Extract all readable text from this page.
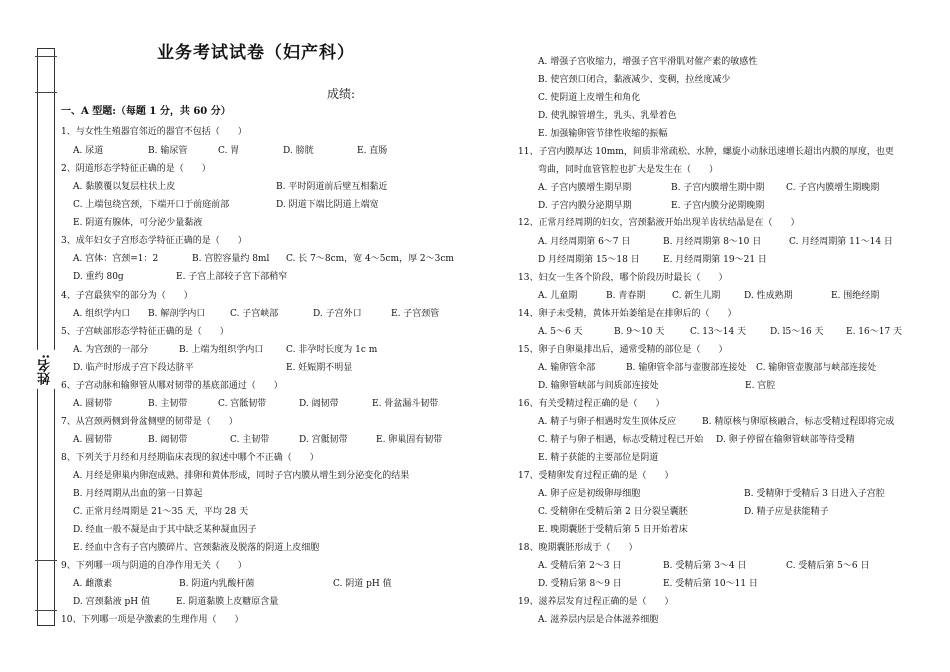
姓名:
业务考试试卷（妇产科）
成绩:
一、A 型题:（每题 1 分，共 60 分）
1、与女性生殖器官邻近的器官不包括（　　）
A. 尿道	B. 输尿管	C. 胃	D. 膀胱	E. 直肠
2、阴道形态学特征正确的是（　　）
A. 黏膜覆以复层柱状上皮	B. 平时阴道前后壁互相黏近
C. 上端包绕宫颈，下端开口于前庭前部	D. 阴道下端比阴道上端宽
E. 阴道有腺体，可分泌少量黏液
3、成年妇女子宫形态学特征正确的是（　　）
A. 宫体：宫颈=1：2	B. 宫腔容量约 8ml C. 长 7～8cm，宽 4～5cm，厚 2～3cm
D. 重约 80g	E. 子宫上部较子宫下部稍窄
4、子宫最狭窄的部分为（　　）
A. 组织学内口 B. 解剖学内口	C. 子宫峡部	D. 子宫外口	E. 子宫颈管
5、子宫峡部形态学特征正确的是（　　）
A. 为宫颈的一部分	B. 上端为组织学内口	C. 非孕时长度为 1c m
D. 临产时形成子宫下段达脐平	E. 妊娠期不明显
6、子宫动脉和输卵管从哪对韧带的基底部通过（　　）
A. 圆韧带	B. 主韧带	C. 宫骶韧带	D. 阔韧带	E. 骨盆漏斗韧带
7、从宫颈两侧到骨盆侧壁的韧带是（　　）
A. 圆韧带	B. 阔韧带	C. 主韧带	D. 宫骶韧带	E. 卵巢固有韧带
8、下列关于月经和月经期临床表现的叙述中哪个不正确（　　）
A. 月经是卵巢内卵泡成熟、排卵和黄体形成，同时子宫内膜从增生到分泌变化的结果
B. 月经周期从出血的第一日算起
C. 正常月经周期是 21～35 天，平均 28 天
D. 经血一般不凝是由于其中缺乏某种凝血因子
E. 经血中含有子宫内膜碎片、宫颈黏液及脱落的阴道上皮细胞
9、下列哪一项与阴道的自净作用无关（　　）
A. 雌激素	B. 阴道内乳酸杆菌	C. 阴道 pH 值
D. 宫颈黏液 pH 值	E. 阴道黏膜上皮糖原含量
10、下列哪一项是孕激素的生理作用（　　）
A. 增强子宫收缩力，增强子宫平滑肌对催产素的敏感性
B. 使宫颈口闭合，黏液减少、变稠，拉丝度减少
C. 使阴道上皮增生和角化
D. 使乳腺管增生，乳头、乳晕着色
E. 加强输卵管节律性收缩的振幅
11、子宫内膜厚达 10mm，间质非常疏松、水肿，螺旋小动脉迅速增长超出内膜的厚度，也更
弯曲，同时血管管腔也扩大是发生在（　　）
A. 子宫内膜增生期早期	B. 子宫内膜增生期中期 C. 子宫内膜增生期晚期
D. 子宫内膜分泌期早期	E. 子宫内膜分泌期晚期
12、正常月经周期的妇女，宫颈黏液开始出现羊齿状结晶是在（　　）
A. 月经周期第 6～7 日	B. 月经周期第 8～10 日	C. 月经周期第 11～14 日
D 月经周期第 15～18 日	E. 月经周期第 19～21 日
13、妇女一生各个阶段，哪个阶段历时最长（　　）
A. 儿童期	B. 青春期	C. 新生儿期	D. 性成熟期	E. 围绝经期
14、卵子未受精，黄体开始萎缩是在排卵后的（　　）
A. 5～6 天	B. 9～10 天	C. 13～14 天	D. l5～16 天 E. 16～17 天
15、卵子自卵巢排出后，通常受精的部位是（　　）
A. 输卵管伞部	B. 输卵管伞部与壶腹部连接处 C. 输卵管壶腹部与峡部连接处
D. 输卵管峡部与间质部连接处	E. 宫腔
16、有关受精过程正确的是（　　）
A. 精子与卵子相遇时发生顶体反应	B. 精原核与卵原核融合，标志受精过程即将完成
C. 精子与卵子相遇，标志受精过程已开始 D. 卵子停留在输卵管峡部等待受精
E. 精子获能的主要部位是阴道
17、受精卵发育过程正确的是（　　）
A. 卵子应是初级卵母细胞	B. 受精卵于受精后 3 日进入子宫腔
C. 受精卵在受精后第 2 日分裂呈囊胚	D. 精子应是获能精子
E. 晚期囊胚于受精后第 5 日开始着床
18、晚期囊胚形成于（　　）
A. 受精后第 2～3 日	B. 受精后第 3～4 日	C. 受精后第 5～6 日
D. 受精后第 8～9 日	E. 受精后第 10～11 日
19、滋养层发育过程正确的是（　　）
A. 滋养层内层是合体滋养细胞
